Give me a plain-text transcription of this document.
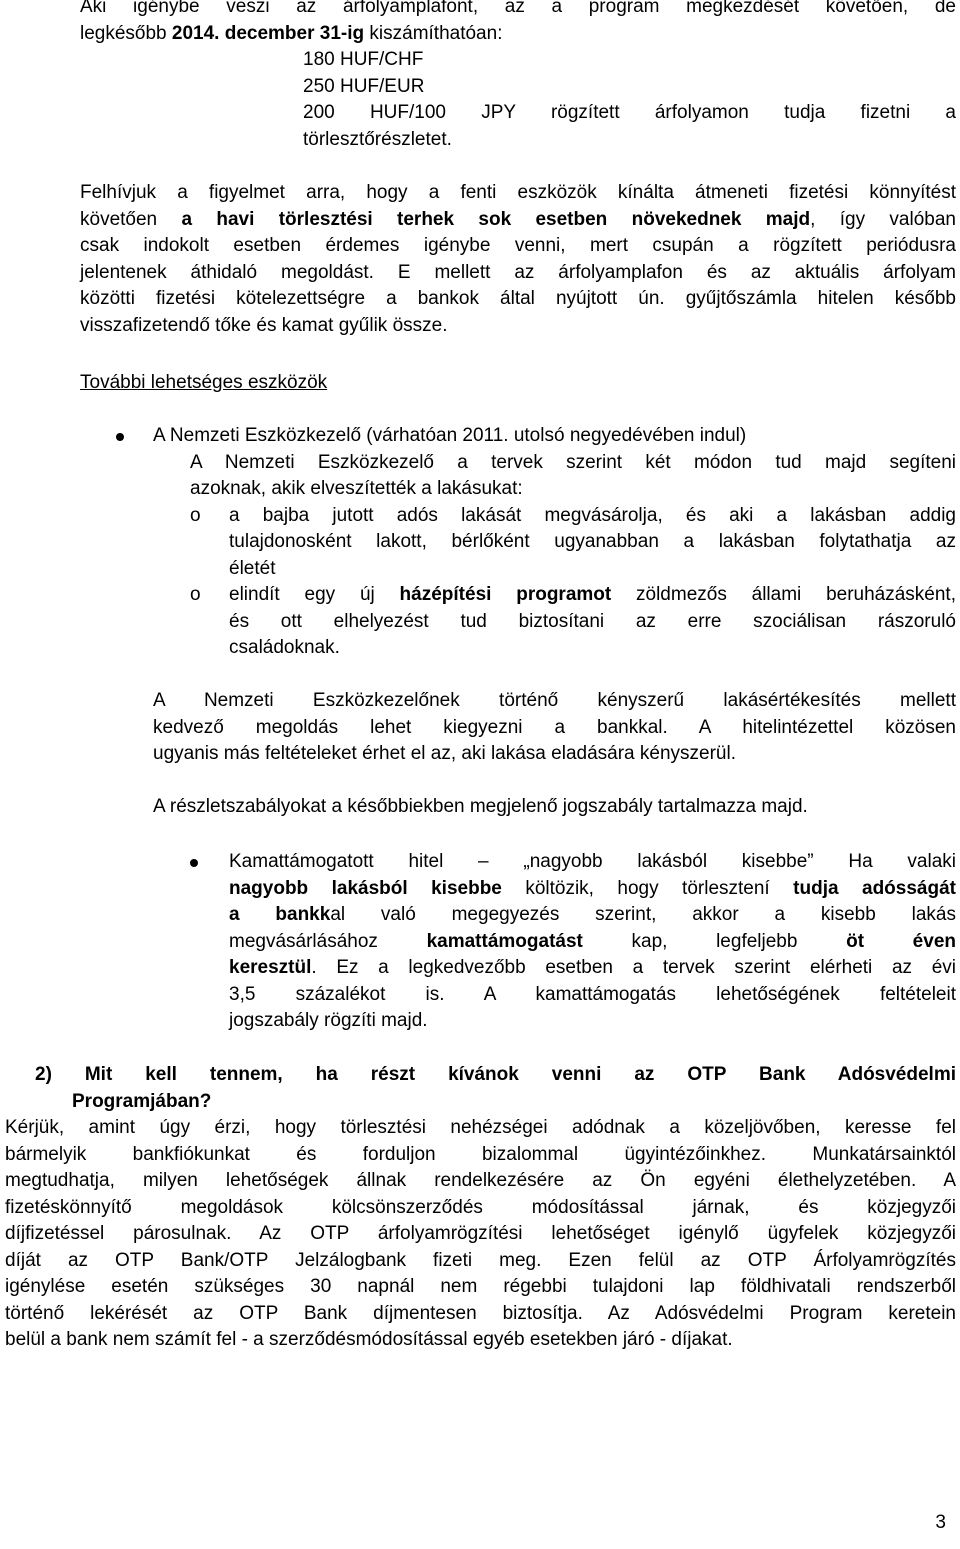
Aki igénybe veszi az árfolyamplafont, az a program megkezdését követően, de
legkésőbb 2014. december 31-ig kiszámíthatóan:
180 HUF/CHF
250 HUF/EUR
200 HUF/100 JPY rögzített árfolyamon tudja fizetni a
törlesztőrészletet.
Felhívjuk a figyelmet arra, hogy a fenti eszközök kínálta átmeneti fizetési könnyítést
követően a havi törlesztési terhek sok esetben növekednek majd, így valóban
csak indokolt esetben érdemes igénybe venni, mert csupán a rögzített periódusra
jelentenek áthidaló megoldást. E mellett az árfolyamplafon és az aktuális árfolyam
közötti fizetési kötelezettségre a bankok által nyújtott ún. gyűjtőszámla hitelen később
visszafizetendő tőke és kamat gyűlik össze.
További lehetséges eszközök
A Nemzeti Eszközkezelő (várhatóan 2011. utolsó negyedévében indul)
A Nemzeti Eszközkezelő a tervek szerint két módon tud majd segíteni
azoknak, akik elveszítették a lakásukat:
o a bajba jutott adós lakását megvásárolja, és aki a lakásban addig
tulajdonosként lakott, bérlőként ugyanabban a lakásban folytathatja az
életét
o elindít egy új házépítési programot zöldmezős állami beruházásként,
és ott elhelyezést tud biztosítani az erre szociálisan rászoruló
családoknak.
A Nemzeti Eszközkezelőnek történő kényszerű lakásértékesítés mellett
kedvező megoldás lehet kiegyezni a bankkal. A hitelintézettel közösen
ugyanis más feltételeket érhet el az, aki lakása eladására kényszerül.
A részletszabályokat a későbbiekben megjelenő jogszabály tartalmazza majd.
Kamattámogatott hitel – „nagyobb lakásból kisebbe” Ha valaki
nagyobb lakásból kisebbe költözik, hogy törlesztení tudja adósságát
a bankkal való megegyezés szerint, akkor a kisebb lakás
megvásárlásához kamattámogatást kap, legfeljebb öt éven
keresztül. Ez a legkedvezőbb esetben a tervek szerint elérheti az évi
3,5 százalékot is. A kamattámogatás lehetőségének feltételeit
jogszabály rögzíti majd.
2) Mit kell tennem, ha részt kívánok venni az OTP Bank Adósvédelmi
Programjában?
Kérjük, amint úgy érzi, hogy törlesztési nehézségei adódnak a közeljövőben, keresse fel
bármelyik bankfiókunkat és forduljon bizalommal ügyintézőinkhez. Munkatársainktól
megtudhatja, milyen lehetőségek állnak rendelkezésére az Ön egyéni élethelyzetében. A
fizetéskönnyítő megoldások kölcsönszerződés módosítással járnak, és közjegyzői
díjfizetéssel párosulnak. Az OTP árfolyamrögzítési lehetőséget igénylő ügyfelek közjegyzői
díját az OTP Bank/OTP Jelzálogbank fizeti meg. Ezen felül az OTP Árfolyamrögzítés
igénylése esetén szükséges 30 napnál nem régebbi tulajdoni lap földhivatali rendszerből
történő lekérését az OTP Bank díjmentesen biztosítja. Az Adósvédelmi Program keretein
belül a bank nem számít fel - a szerződésmódosítással egyéb esetekben járó - díjakat.
3
